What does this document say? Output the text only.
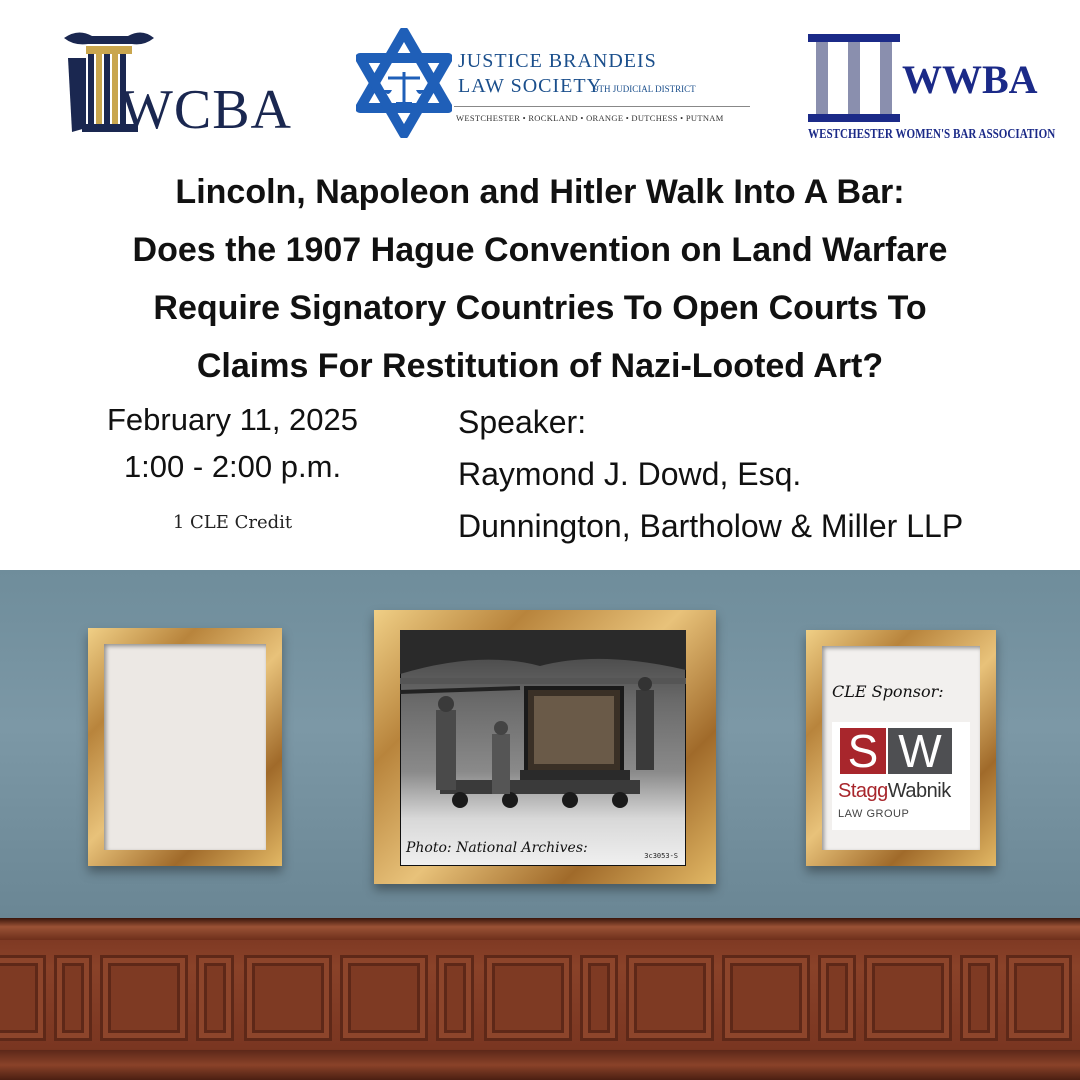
WCBA
JUSTICE BRANDEIS
LAW SOCIETY
9TH JUDICIAL DISTRICT
WESTCHESTER • ROCKLAND • ORANGE • DUTCHESS • PUTNAM
WWBA
WESTCHESTER WOMEN'S BAR ASSOCIATION
Lincoln, Napoleon and Hitler Walk Into A Bar:
Does the 1907 Hague Convention on Land Warfare
Require Signatory Countries To Open Courts To
Claims For Restitution of Nazi-Looted Art?
February 11, 2025
1:00 - 2:00 p.m.
1 CLE Credit
Speaker:
Raymond J. Dowd, Esq.
Dunnington, Bartholow & Miller LLP
Photo: National Archives:	3c3053-S
CLE Sponsor:
S W
StaggWabnik
LAW GROUP
